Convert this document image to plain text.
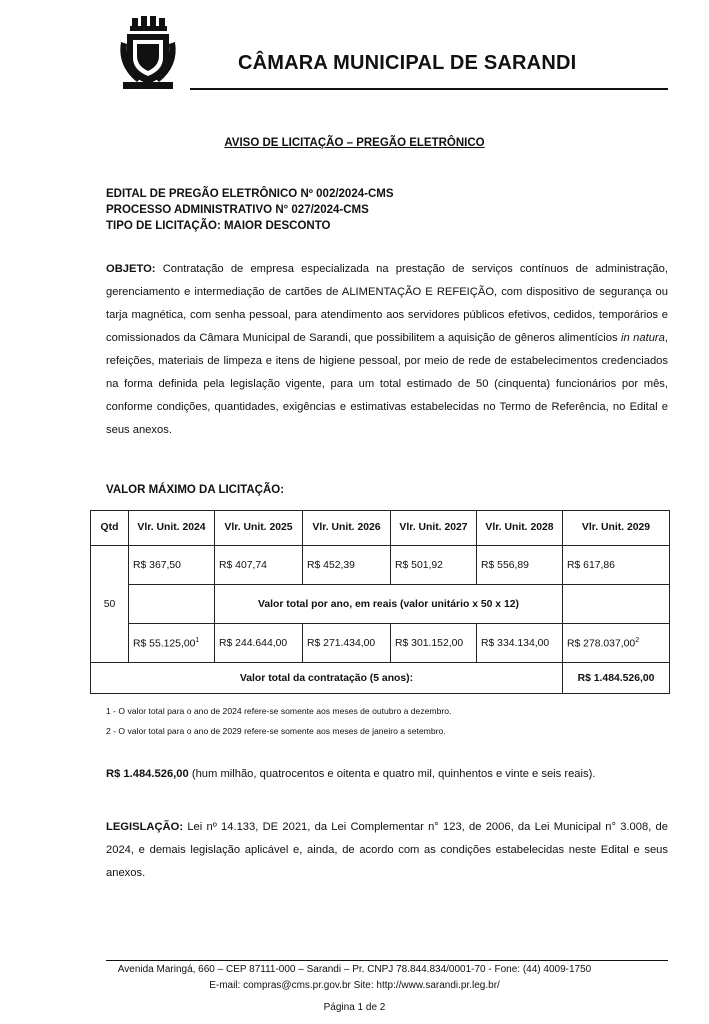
CÂMARA MUNICIPAL DE SARANDI
AVISO DE LICITAÇÃO – PREGÃO ELETRÔNICO
EDITAL DE PREGÃO ELETRÔNICO Nº 002/2024-CMS
PROCESSO ADMINISTRATIVO N° 027/2024-CMS
TIPO DE LICITAÇÃO: MAIOR DESCONTO
OBJETO: Contratação de empresa especializada na prestação de serviços contínuos de administração, gerenciamento e intermediação de cartões de ALIMENTAÇÃO E REFEIÇÃO, com dispositivo de segurança ou tarja magnética, com senha pessoal, para atendimento aos servidores públicos efetivos, cedidos, temporários e comissionados da Câmara Municipal de Sarandi, que possibilitem a aquisição de gêneros alimentícios in natura, refeições, materiais de limpeza e itens de higiene pessoal, por meio de rede de estabelecimentos credenciados na forma definida pela legislação vigente, para um total estimado de 50 (cinquenta) funcionários por mês, conforme condições, quantidades, exigências e estimativas estabelecidas no Termo de Referência, no Edital e seus anexos.
VALOR MÁXIMO DA LICITAÇÃO:
Qtd	Vlr. Unit. 2024	Vlr. Unit. 2025	Vlr. Unit. 2026	Vlr. Unit. 2027	Vlr. Unit. 2028	Vlr. Unit. 2029
50	R$ 367,50	R$ 407,74	R$ 452,39	R$ 501,92	R$ 556,89	R$ 617,86
		Valor total por ano, em reais (valor unitário x 50 x 12)				
	R$ 55.125,00$^1$	R$ 244.644,00	R$ 271.434,00	R$ 301.152,00	R$ 334.134,00	R$ 278.037,00$^2$
Valor total da contratação (5 anos):						R$ 1.484.526,00
1 - O valor total para o ano de 2024 refere-se somente aos meses de outubro a dezembro.
2 - O valor total para o ano de 2029 refere-se somente aos meses de janeiro a setembro.
R$ 1.484.526,00 (hum milhão, quatrocentos e oitenta e quatro mil, quinhentos e vinte e seis reais).
LEGISLAÇÃO: Lei nº 14.133, DE 2021, da Lei Complementar n° 123, de 2006, da Lei Municipal n° 3.008, de 2024, e demais legislação aplicável e, ainda, de acordo com as condições estabelecidas neste Edital e seus anexos.
Avenida Maringá, 660 – CEP 87111-000 – Sarandi – Pr. CNPJ 78.844.834/0001-70 - Fone: (44) 4009-1750
E-mail: compras@cms.pr.gov.br Site: http://www.sarandi.pr.leg.br/
Página 1 de 2
